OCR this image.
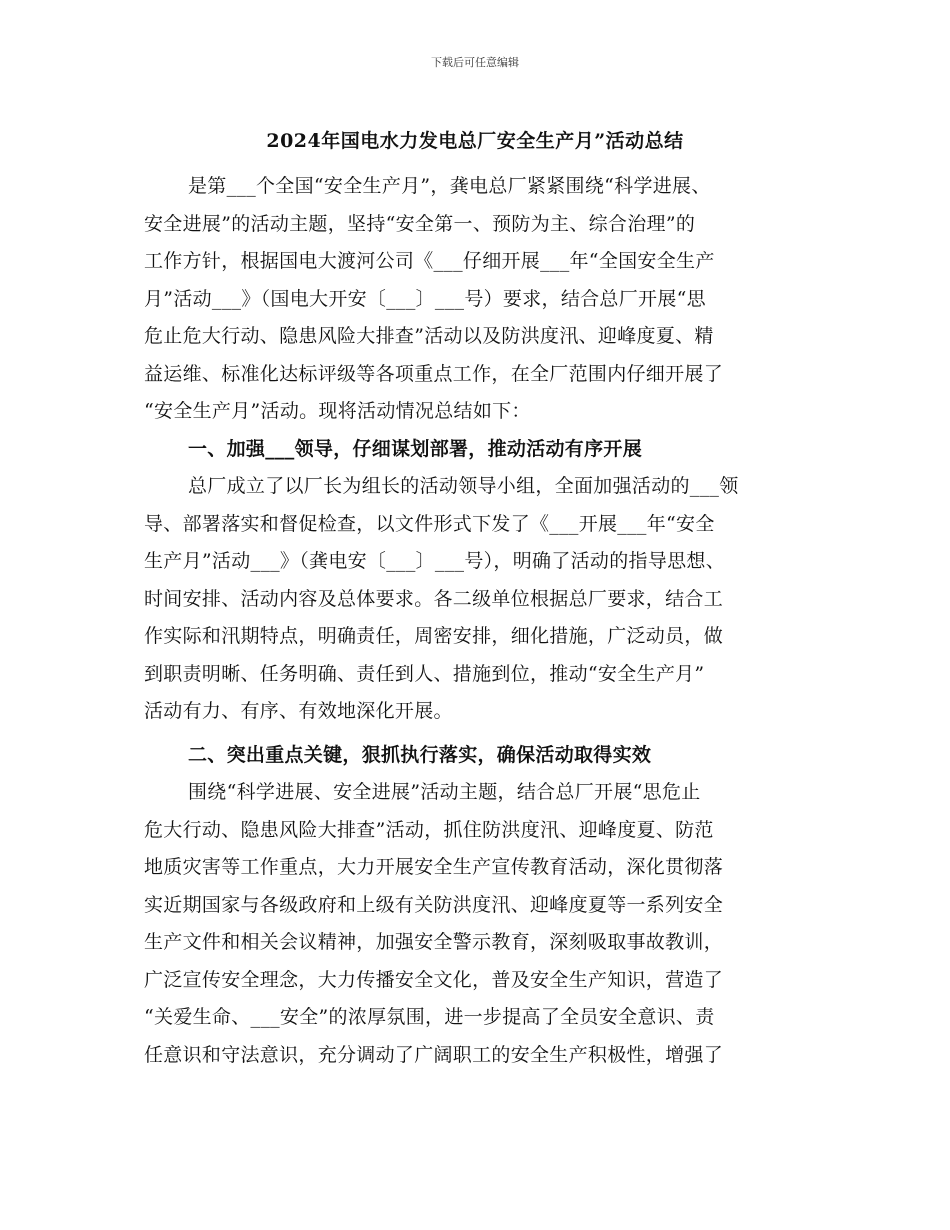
下载后可任意编辑
2024年国电水力发电总厂安全生产月”活动总结
是第___个全国“安全生产月”，龚电总厂紧紧围绕“科学进展、
安全进展”的活动主题，坚持“安全第一、预防为主、综合治理”的
工作方针，根据国电大渡河公司《___仔细开展___年“全国安全生产
月”活动___》（国电大开安〔___〕___号）要求，结合总厂开展“思
危止危大行动、隐患风险大排查”活动以及防洪度汛、迎峰度夏、精
益运维、标准化达标评级等各项重点工作，在全厂范围内仔细开展了
“安全生产月”活动。现将活动情况总结如下：
一、加强___领导，仔细谋划部署，推动活动有序开展
总厂成立了以厂长为组长的活动领导小组，全面加强活动的___领
导、部署落实和督促检查，以文件形式下发了《___开展___年“安全
生产月”活动___》（龚电安〔___〕___号），明确了活动的指导思想、
时间安排、活动内容及总体要求。各二级单位根据总厂要求，结合工
作实际和汛期特点，明确责任，周密安排，细化措施，广泛动员，做
到职责明晰、任务明确、责任到人、措施到位，推动“安全生产月”
活动有力、有序、有效地深化开展。
二、突出重点关键，狠抓执行落实，确保活动取得实效
围绕“科学进展、安全进展”活动主题，结合总厂开展“思危止
危大行动、隐患风险大排查”活动，抓住防洪度汛、迎峰度夏、防范
地质灾害等工作重点，大力开展安全生产宣传教育活动，深化贯彻落
实近期国家与各级政府和上级有关防洪度汛、迎峰度夏等一系列安全
生产文件和相关会议精神，加强安全警示教育，深刻吸取事故教训，
广泛宣传安全理念，大力传播安全文化，普及安全生产知识，营造了
“关爱生命、___安全”的浓厚氛围，进一步提高了全员安全意识、责
任意识和守法意识，充分调动了广阔职工的安全生产积极性，增强了
